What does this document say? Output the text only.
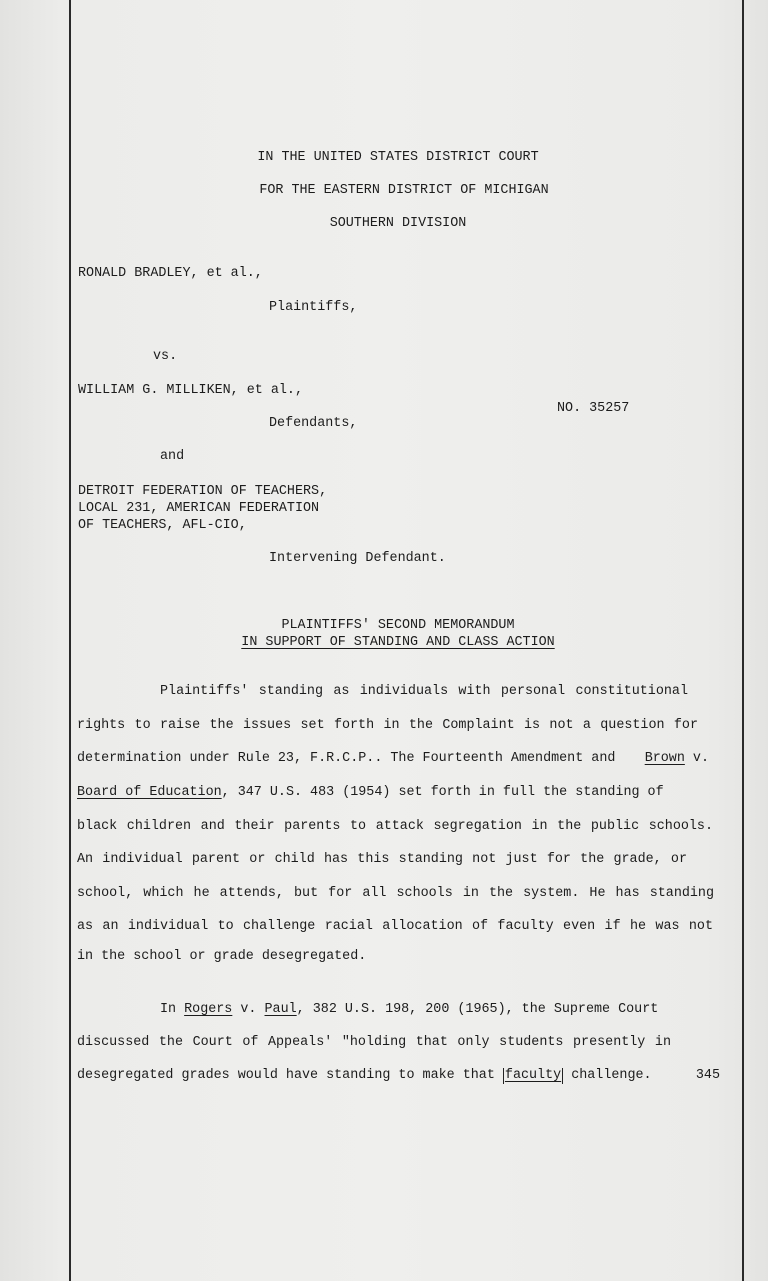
IN THE UNITED STATES DISTRICT COURT
FOR THE EASTERN DISTRICT OF MICHIGAN
SOUTHERN DIVISION
RONALD BRADLEY, et al.,
Plaintiffs,
vs.
WILLIAM G. MILLIKEN, et al.,
NO. 35257
Defendants,
and
DETROIT FEDERATION OF TEACHERS,
LOCAL 231, AMERICAN FEDERATION
OF TEACHERS, AFL-CIO,
Intervening Defendant.
PLAINTIFFS' SECOND MEMORANDUM
IN SUPPORT OF STANDING AND CLASS ACTION
Plaintiffs' standing as individuals with personal constitutional
rights to raise the issues set forth in the Complaint is not a question for
determination under Rule 23, F.R.C.P.. The Fourteenth Amendment and Brown v.
Board of Education , 347 U.S. 483 (1954) set forth in full the standing of
black children and their parents to attack segregation in the public schools.
An individual parent or child has this standing not just for the grade, or
school, which he attends, but for all schools in the system. He has standing
as an individual to challenge racial allocation of faculty even if he was not
in the school or grade desegregated.
In Rogers v. Paul, 382 U.S. 198, 200 (1965), the Supreme Court
discussed the Court of Appeals' "holding that only students presently in
desegregated grades would have standing to make that faculty challenge.	345
